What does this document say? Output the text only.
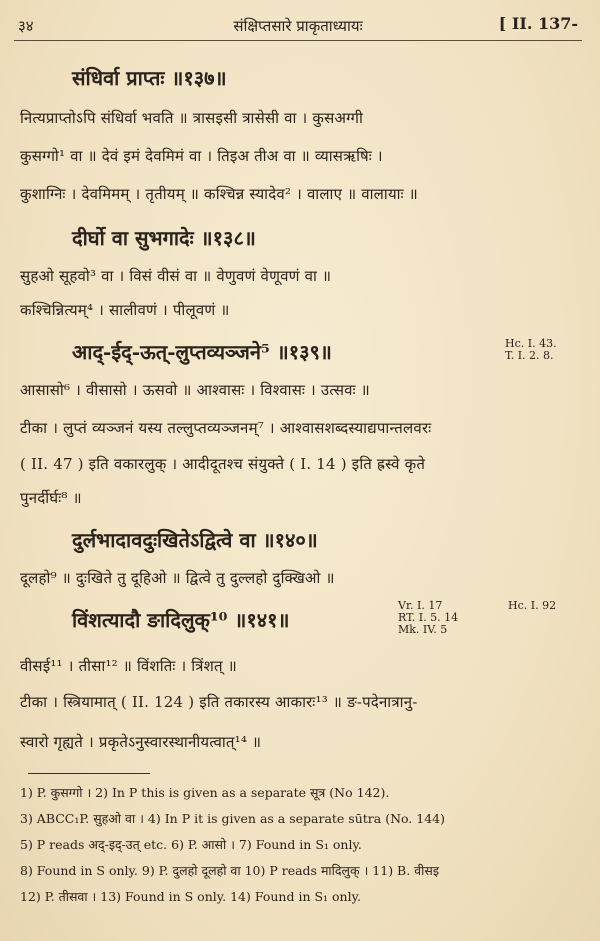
३४	संक्षिप्तसारे प्राकृताध्यायः	[ II. 137-
संधिर्वा प्राप्तः ॥१३७॥
नित्यप्राप्तोऽपि संधिर्वा भवति ॥ त्रासइसी त्रासेसी वा । कुसअग्गी
कुसग्गो¹ वा ॥ देवं इमं देवमिमं वा । तिइअ तीअ वा ॥ व्यासऋषिः ।
कुशाग्निः । देवमिमम् । तृतीयम् ॥ कश्चिन्न स्यादेव² । वालाए ॥ वालायाः ॥
दीर्घो वा सुभगादेः ॥१३८॥
सुहओ सूहवो³ वा । विसं वीसं वा ॥ वेणुवणं वेणूवणं वा ॥
कश्चिन्नित्यम्⁴ । सालीवणं । पीलूवणं ॥
आद्-ईद्-ऊत्-लुप्तव्यञ्जने⁵ ॥१३९॥	Hc. I. 43.
T. I. 2. 8.
आसासो⁶ । वीसासो । ऊसवो ॥ आश्वासः । विश्वासः । उत्सवः ॥
टीका । लुप्तं व्यञ्जनं यस्य तल्लुप्तव्यञ्जनम्⁷ । आश्वासशब्दस्याद्यपान्तलवरः
( II. 47 ) इति वकारलुक् । आदीदूतश्च संयुक्ते ( I. 14 ) इति ह्रस्वे कृते
पुनर्दीर्घः⁸ ॥
दुर्लभादावदुःखितेऽद्वित्वे वा ॥१४०॥
दूलहो⁹ ॥ दुःखिते तु दूहिओ ॥ द्वित्वे तु दुल्लहो दुक्खिओ ॥
विंशत्यादौ ङादिलुक्¹⁰ ॥१४१॥
Vr. I. 17
RT. I. 5. 14
Mk. IV. 5
Hc. I. 92
वीसई¹¹ । तीसा¹² ॥ विंशतिः । त्रिंशत् ॥
टीका । स्त्रियामात् ( II. 124 ) इति तकारस्य आकारः¹³ ॥ ङ-पदेनात्रानु-
स्वारो गृह्यते । प्रकृतेऽनुस्वारस्थानीयत्वात्¹⁴ ॥
1) P. कुसग्गो । 2) In P this is given as a separate सूत्र (No 142).
3) ABCC₁P. सुहओ वा । 4) In P it is given as a separate sūtra (No. 144)
5) P reads अद्-इद्-उत् etc. 6) P. आसो । 7) Found in S₁ only.
8) Found in S only. 9) P. दुलहो दूलहो वा 10) P reads मादिलुक् । 11) B. वीसइ
12) P. तीसवा । 13) Found in S only. 14) Found in S₁ only.
